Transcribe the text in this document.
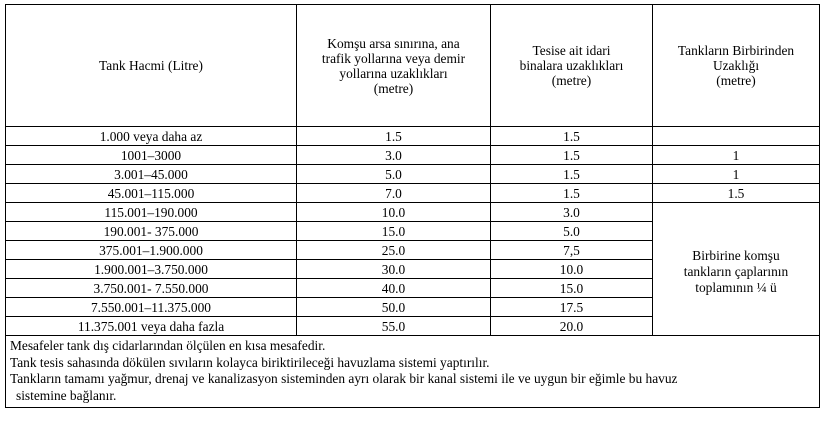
Tank Hacmi (Litre)	Komşu arsa sınırına, ana
trafik yollarına veya demir
yollarına uzaklıkları
(metre)	Tesise ait idari
binalara uzaklıkları
(metre)	Tankların Birbirinden
Uzaklığı
(metre)

1.000 veya daha az	1.5	1.5	
1001–3000	3.0	1.5	1
3.001–45.000	5.0	1.5	1
45.001–115.000	7.0	1.5	1.5
115.001–190.000	10.0	3.0	Birbirine komşu
tankların çaplarının
toplamının ¼ ü

190.001- 375.000	15.0	5.0	
375.001–1.900.000	25.0	7,5	
1.900.001–3.750.000	30.0	10.0	
3.750.001- 7.550.000	40.0	15.0	
7.550.001–11.375.000	50.0	17.5	
11.375.001 veya daha fazla	55.0	20.0	

Mesafeler tank dış cidarlarından ölçülen en kısa mesafedir.
Tank tesis sahasında dökülen sıvıların kolayca biriktirileceği havuzlama sistemi yaptırılır.
Tankların tamamı yağmur, drenaj ve kanalizasyon sisteminden ayrı olarak bir kanal sistemi ile ve uygun bir eğimle bu havuz
sistemine bağlanır.			
